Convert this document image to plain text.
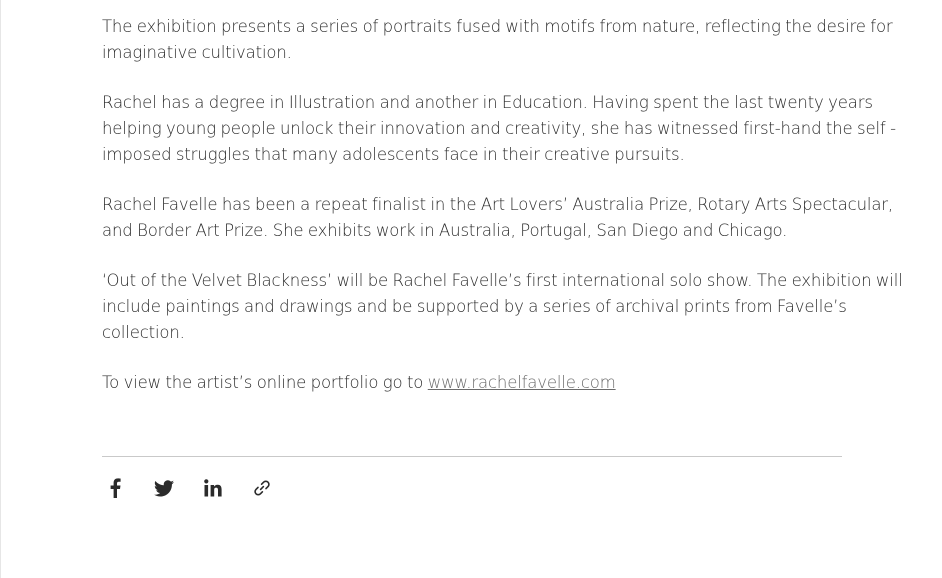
The exhibition presents a series of portraits fused with motifs from nature, reflecting the desire for
imaginative cultivation.

Rachel has a degree in Illustration and another in Education. Having spent the last twenty years
helping young people unlock their innovation and creativity, she has witnessed first-hand the self -
imposed struggles that many adolescents face in their creative pursuits.

Rachel Favelle has been a repeat finalist in the Art Lovers’ Australia Prize, Rotary Arts Spectacular,
and Border Art Prize. She exhibits work in Australia, Portugal, San Diego and Chicago.

‘Out of the Velvet Blackness’ will be Rachel Favelle’s first international solo show. The exhibition will
include paintings and drawings and be supported by a series of archival prints from Favelle’s
collection.

To view the artist’s online portfolio go to www.rachelfavelle.com
